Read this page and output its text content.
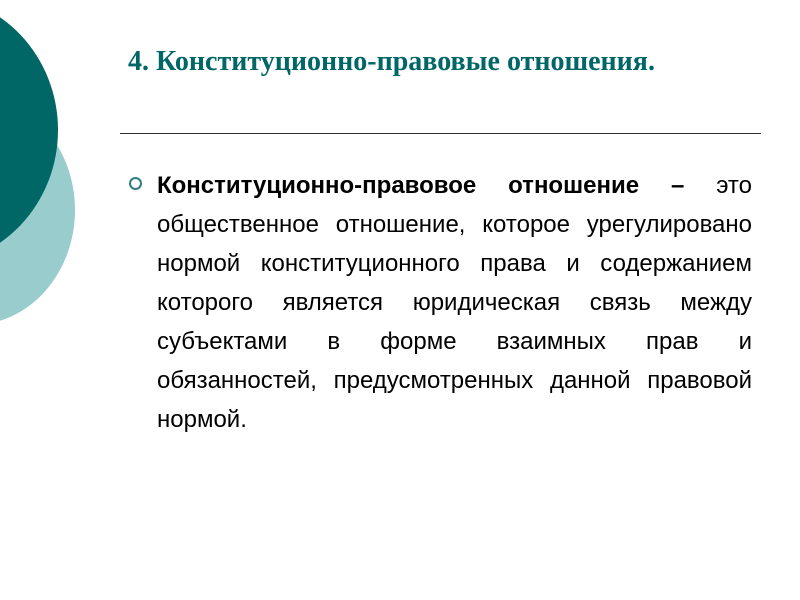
4. Конституционно-правовые отношения.

Конституционно-правовое отношение – это общественное отношение, которое урегулировано нормой конституционного права и содержанием которого является юридическая связь между субъектами в форме взаимных прав и обязанностей, предусмотренных данной правовой нормой.
